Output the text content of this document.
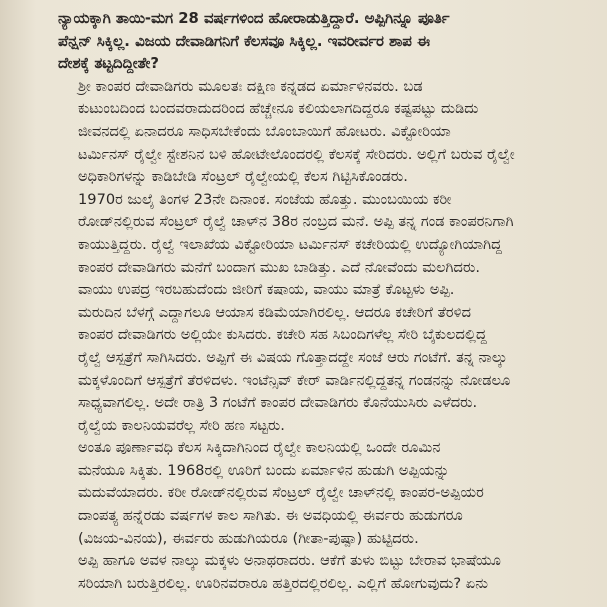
ನ್ಯಾಯಕ್ಕಾಗಿ ತಾಯಿ-ಮಗ 28 ವರ್ಷಗಳಿಂದ ಹೋರಾಡುತ್ತಿದ್ದಾರೆ. ಅಪ್ಪಿಗಿನ್ನೂ ಪೂರ್ತಿ
ಪೆನ್ಷನ್ ಸಿಕ್ಕಿಲ್ಲ. ವಿಜಯ ದೇವಾಡಿಗನಿಗೆ ಕೆಲಸವೂ ಸಿಕ್ಕಿಲ್ಲ. ಇವರೀರ್ವರ ಶಾಪ ಈ
ದೇಶಕ್ಕೆ ತಟ್ಟದಿದ್ದೀತೇ?

ಶ್ರೀ ಕಾಂಪರ ದೇವಾಡಿಗರು ಮೂಲತಃ ದಕ್ಷಿಣ ಕನ್ನಡದ ಏರ್ಮಾಳಿನವರು. ಬಡ
ಕುಟುಂಬದಿಂದ ಬಂದವರಾದುದರಿಂದ ಹೆಚ್ಚೇನೂ ಕಲಿಯಲಾಗದಿದ್ದರೂ ಕಷ್ಟಪಟ್ಟು ದುಡಿದು
ಜೀವನದಲ್ಲಿ ಏನಾದರೂ ಸಾಧಿಸಬೇಕೆಂದು ಬೊಂಬಾಯಿಗೆ ಹೋಟರು. ವಿಕ್ಟೋರಿಯಾ
ಟರ್ಮಿನಸ್ ರೈಲ್ವೇ ಸ್ಟೇಶನಿನ ಬಳಿ ಹೋಟೇಲೊಂದರಲ್ಲಿ ಕೆಲಸಕ್ಕೆ ಸೇರಿದರು. ಅಲ್ಲಿಗೆ ಬರುವ ರೈಲ್ವೇ
ಅಧಿಕಾರಿಗಳನ್ನು ಕಾಡಿಬೇಡಿ ಸೆಂಟ್ರಲ್ ರೈಲ್ವೇಯಲ್ಲಿ ಕೆಲಸ ಗಿಟ್ಟಿಸಿಕೊಂಡರು.

1970ರ ಜುಲೈ ತಿಂಗಳ 23ನೇ ದಿನಾಂಕ. ಸಂಜೆಯ ಹೊತ್ತು. ಮುಂಬಯಿಯ ಕರೀ
ರೋಡ್‌ನಲ್ಲಿರುವ ಸೆಂಟ್ರಲ್ ರೈಲ್ವೆ ಚಾಳ್‌ನ 38ರ ನಂಬ್ರದ ಮನೆ. ಅಪ್ಪಿ ತನ್ನ ಗಂಡ ಕಾಂಪರನಿಗಾಗಿ
ಕಾಯುತ್ತಿದ್ದರು. ರೈಲ್ವೆ ಇಲಾಖೆಯ ವಿಕ್ಟೋರಿಯಾ ಟರ್ಮಿನಸ್ ಕಚೇರಿಯಲ್ಲಿ ಉದ್ಯೋಗಿಯಾಗಿದ್ದ
ಕಾಂಪರ ದೇವಾಡಿಗರು ಮನೆಗೆ ಬಂದಾಗ ಮುಖ ಬಾಡಿತ್ತು. ಎದೆ ನೋವೆಂದು ಮಲಗಿದರು.
ವಾಯು ಉಪದ್ರ ಇರಬಹುದೆಂದು ಜೀರಿಗೆ ಕಷಾಯ, ವಾಯು ಮಾತ್ರೆ ಕೊಟ್ಟಳು ಅಪ್ಪಿ.

ಮರುದಿನ ಬೆಳಗ್ಗೆ ಎದ್ದಾಗಲೂ ಆಯಾಸ ಕಡಿಮೆಯಾಗಿರಲಿಲ್ಲ. ಆದರೂ ಕಚೇರಿಗೆ ತೆರಳಿದ
ಕಾಂಪರ ದೇವಾಡಿಗರು ಅಲ್ಲಿಯೇ ಕುಸಿದರು. ಕಚೇರಿ ಸಹ ಸಿಬಂದಿಗಳೆಲ್ಲ ಸೇರಿ ಬೈಕುಲದಲ್ಲಿದ್ದ
ರೈಲ್ವೆ ಆಸ್ಪತ್ರೆಗೆ ಸಾಗಿಸಿದರು. ಅಪ್ಪಿಗೆ ಈ ವಿಷಯ ಗೊತ್ತಾದದ್ದೇ ಸಂಜೆ ಆರು ಗಂಟೆಗೆ. ತನ್ನ ನಾಲ್ಕು
ಮಕ್ಕಳೊಂದಿಗೆ ಆಸ್ಪತ್ರೆಗೆ ತೆರಳಿದಳು. ಇಂಟೆನ್ಸಿವ್ ಕೇರ್ ವಾರ್ಡಿನಲ್ಲಿದ್ದತನ್ನ ಗಂಡನನ್ನು ನೋಡಲೂ
ಸಾಧ್ಯವಾಗಲಿಲ್ಲ. ಅದೇ ರಾತ್ರಿ 3 ಗಂಟೆಗೆ ಕಾಂಪರ ದೇವಾಡಿಗರು ಕೊನೆಯುಸಿರು ಎಳೆದರು.
ರೈಲ್ವೆಯ ಕಾಲನಿಯವರೆಲ್ಲ ಸೇರಿ ಹಣ ಸಟ್ಟರು.

ಅಂತೂ ಪೂರ್ಣಾವಧಿ ಕೆಲಸ ಸಿಕ್ಕಿದಾಗಿನಿಂದ ರೈಲ್ವೇ ಕಾಲನಿಯಲ್ಲಿ ಒಂದೇ ರೂಮಿನ
ಮನೆಯೂ ಸಿಕ್ಕಿತು. 1968ರಲ್ಲಿ ಊರಿಗೆ ಬಂದು ಏರ್ಮಾಳಿನ ಹುಡುಗಿ ಅಪ್ಪಿಯನ್ನು
ಮದುವೆಯಾದರು. ಕರೀ ರೋಡ್‌ನಲ್ಲಿರುವ ಸೆಂಟ್ರಲ್ ರೈಲ್ವೇ ಚಾಳ್‌ನಲ್ಲಿ ಕಾಂಪರ-ಅಪ್ಪಿಯರ
ದಾಂಪತ್ಯ ಹನ್ನೆರಡು ವರ್ಷಗಳ ಕಾಲ ಸಾಗಿತು. ಈ ಅವಧಿಯಲ್ಲಿ ಈರ್ವರು ಹುಡುಗರೂ
(ವಿಜಯ-ವಿನಯ), ಈರ್ವರು ಹುಡುಗಿಯರೂ (ಗೀತಾ-ಪುಷ್ಪಾ) ಹುಟ್ಟಿದರು.

ಅಪ್ಪಿ ಹಾಗೂ ಅವಳ ನಾಲ್ಕು ಮಕ್ಕಳು ಅನಾಥರಾದರು. ಆಕೆಗೆ ತುಳು ಬಿಟ್ಟು ಬೇರಾವ ಭಾಷೆಯೂ
ಸರಿಯಾಗಿ ಬರುತ್ತಿರಲಿಲ್ಲ. ಊರಿನವರಾರೂ ಹತ್ತಿರದಲ್ಲಿರಲಿಲ್ಲ. ಎಲ್ಲಿಗೆ ಹೋಗುವುದು? ಏನು
